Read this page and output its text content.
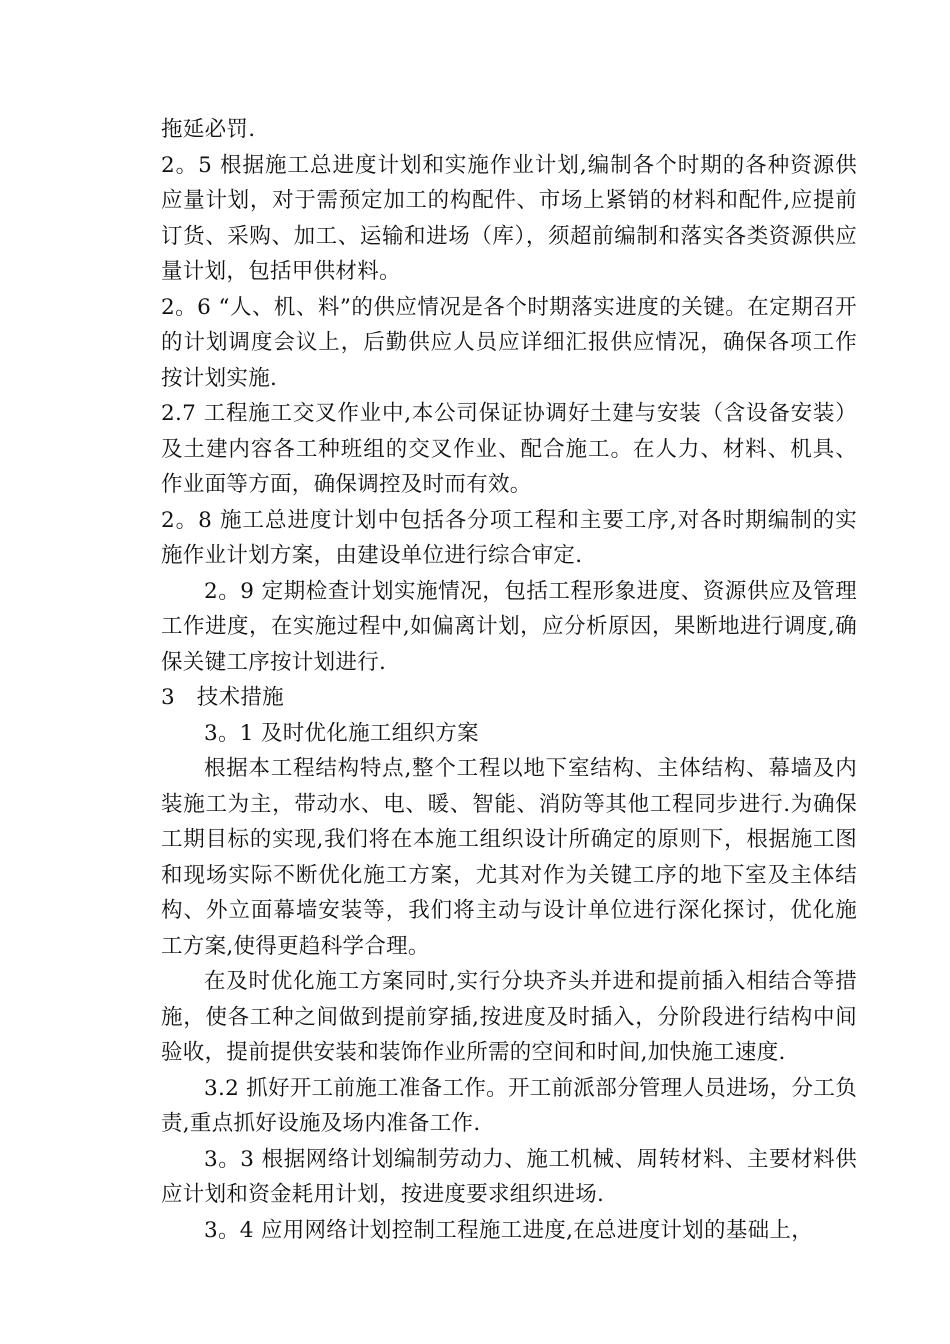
拖延必罚.

2。5 根据施工总进度计划和实施作业计划,编制各个时期的各种资源供应量计划，对于需预定加工的构配件、市场上紧销的材料和配件,应提前订货、采购、加工、运输和进场（库），须超前编制和落实各类资源供应量计划，包括甲供材料。

2。6 “人、机、料”的供应情况是各个时期落实进度的关键。在定期召开的计划调度会议上，后勤供应人员应详细汇报供应情况，确保各项工作按计划实施.

2.7 工程施工交叉作业中,本公司保证协调好土建与安装（含设备安装）及土建内容各工种班组的交叉作业、配合施工。在人力、材料、机具、作业面等方面，确保调控及时而有效。

2。8 施工总进度计划中包括各分项工程和主要工序,对各时期编制的实施作业计划方案，由建设单位进行综合审定.

2。9 定期检查计划实施情况，包括工程形象进度、资源供应及管理工作进度，在实施过程中,如偏离计划，应分析原因，果断地进行调度,确保关键工序按计划进行.

3　技术措施

3。1 及时优化施工组织方案

根据本工程结构特点,整个工程以地下室结构、主体结构、幕墙及内装施工为主，带动水、电、暖、智能、消防等其他工程同步进行.为确保工期目标的实现,我们将在本施工组织设计所确定的原则下，根据施工图和现场实际不断优化施工方案，尤其对作为关键工序的地下室及主体结构、外立面幕墙安装等，我们将主动与设计单位进行深化探讨，优化施工方案,使得更趋科学合理。

在及时优化施工方案同时,实行分块齐头并进和提前插入相结合等措施，使各工种之间做到提前穿插,按进度及时插入，分阶段进行结构中间验收，提前提供安装和装饰作业所需的空间和时间,加快施工速度.

3.2 抓好开工前施工准备工作。开工前派部分管理人员进场，分工负责,重点抓好设施及场内准备工作.

3。3 根据网络计划编制劳动力、施工机械、周转材料、主要材料供应计划和资金耗用计划，按进度要求组织进场.

3。4 应用网络计划控制工程施工进度,在总进度计划的基础上，
